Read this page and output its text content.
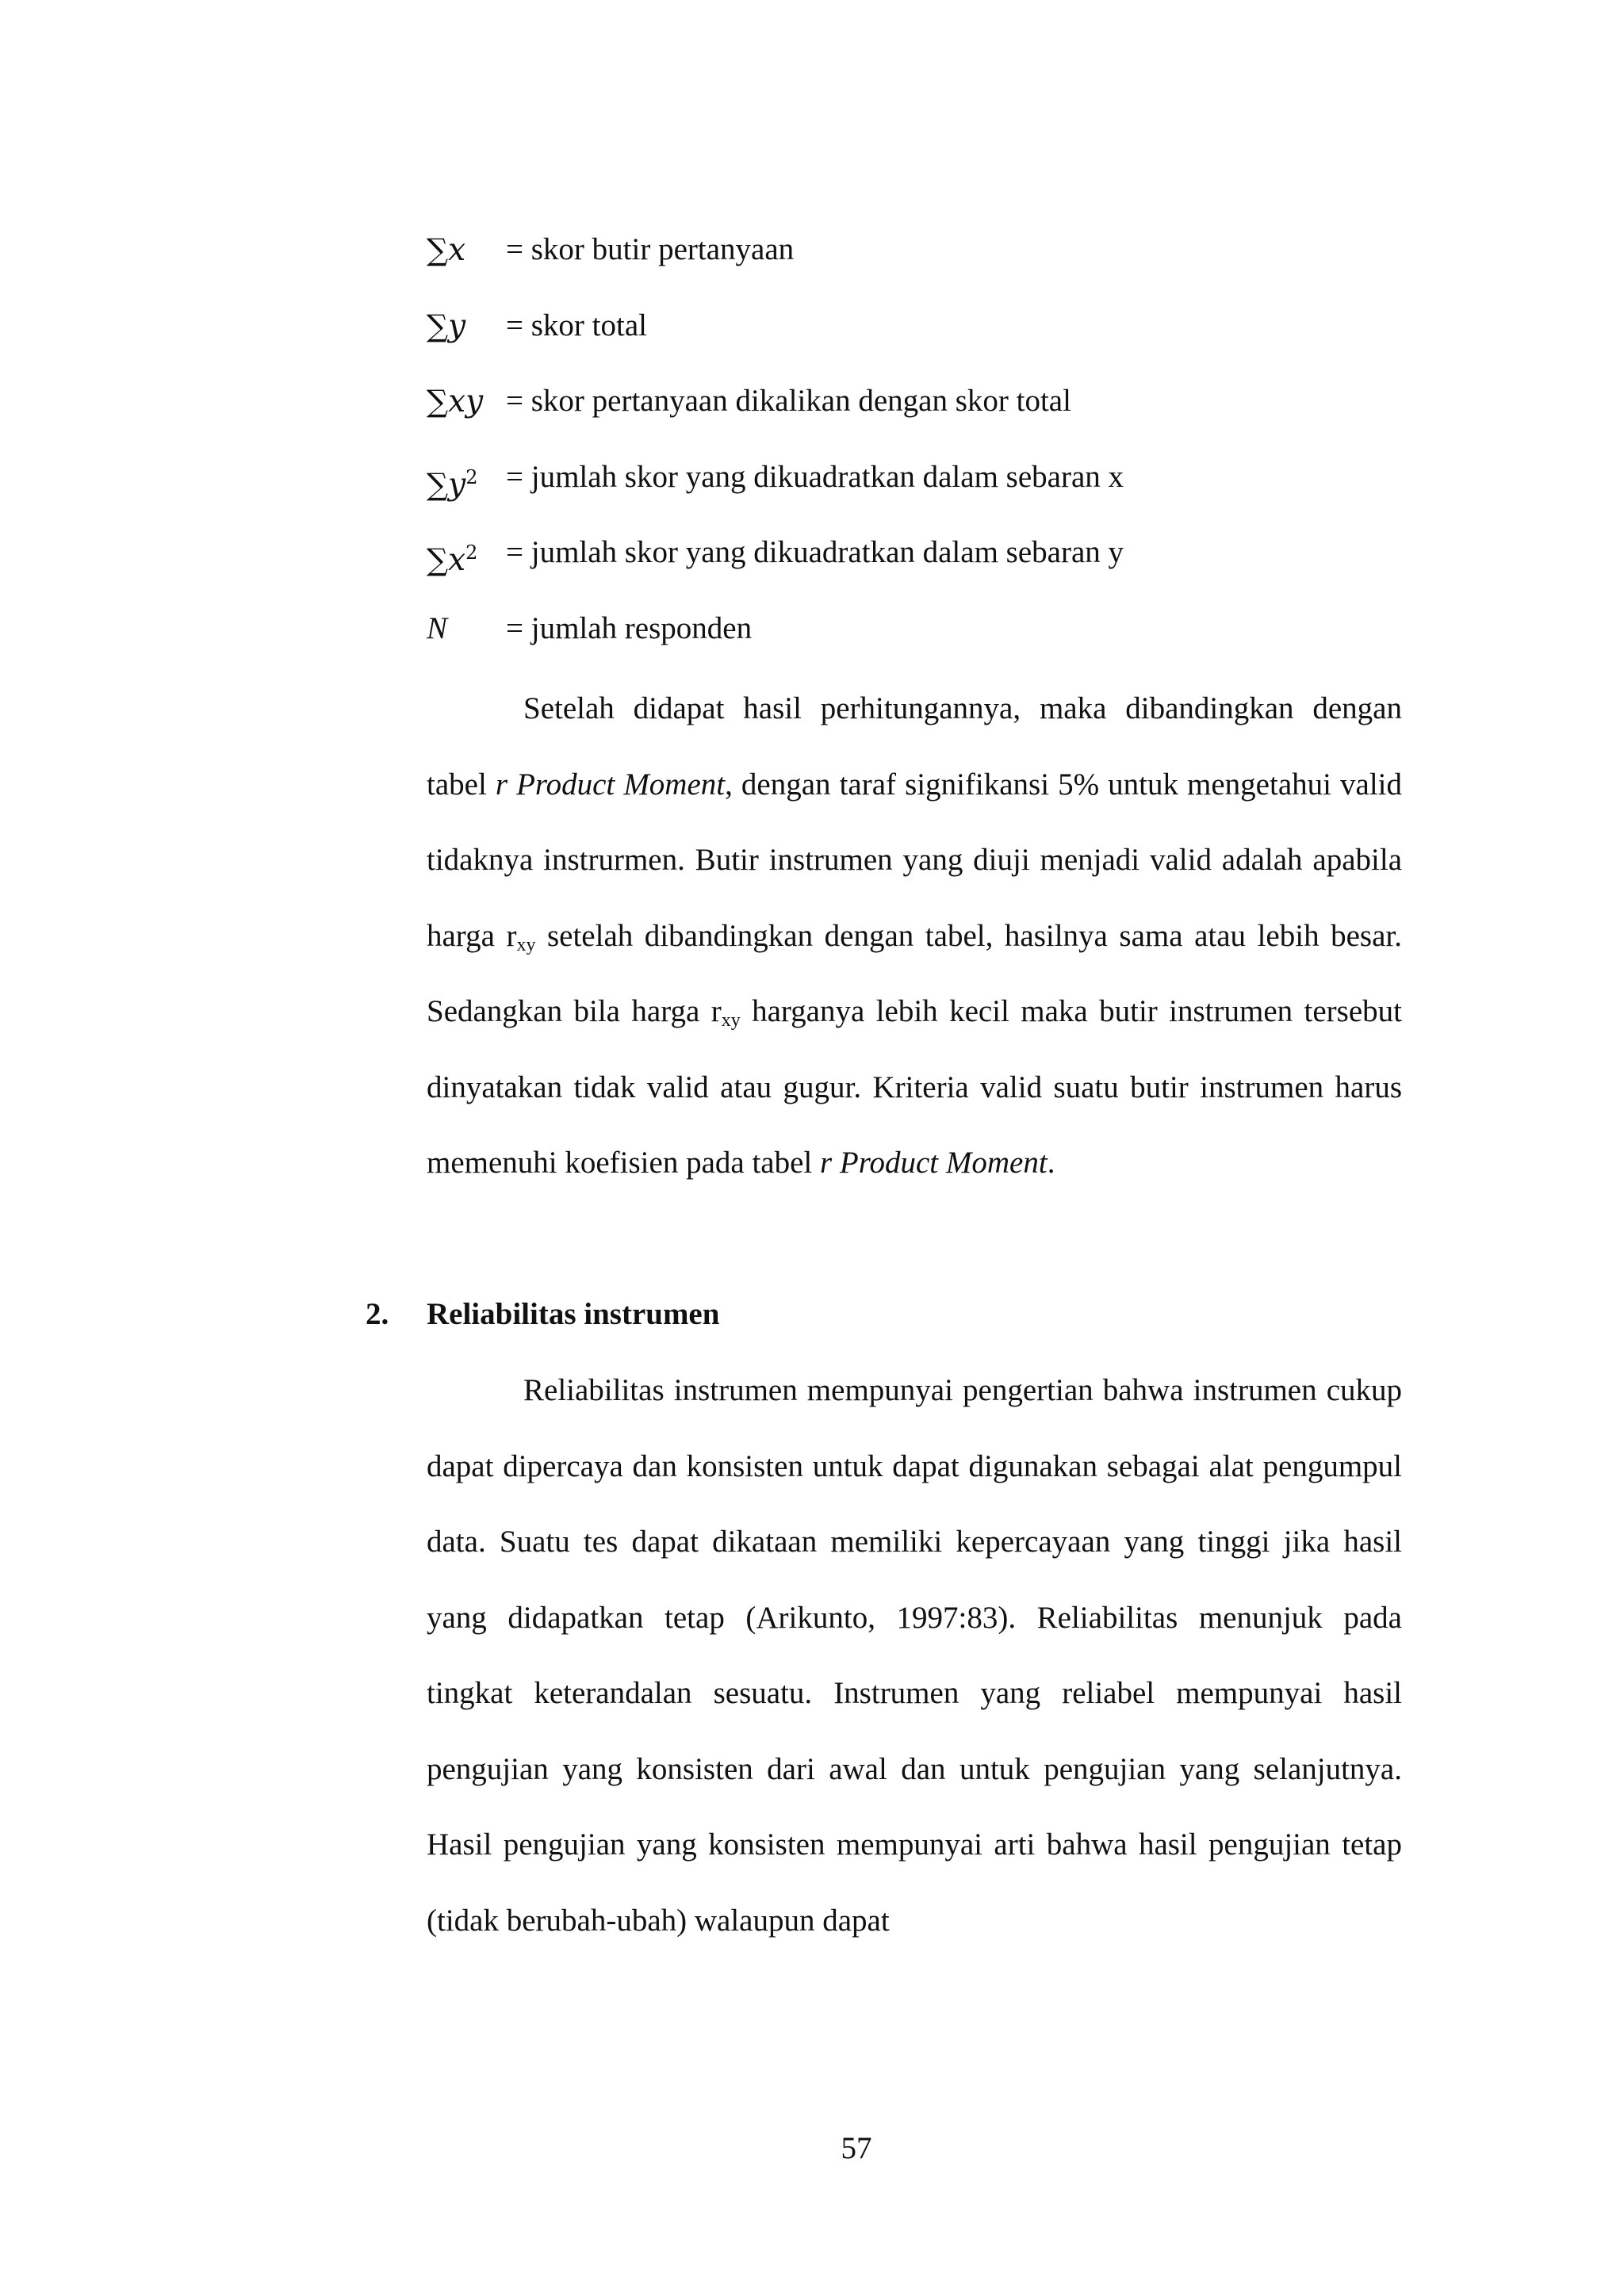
∑x = skor butir pertanyaan
∑y = skor total
∑xy = skor pertanyaan dikalikan dengan skor total
$\sum y^2$ = jumlah skor yang dikuadratkan dalam sebaran x
$\sum x^2$ = jumlah skor yang dikuadratkan dalam sebaran y
N = jumlah responden
Setelah didapat hasil perhitungannya, maka dibandingkan dengan tabel r Product Moment, dengan taraf signifikansi 5% untuk mengetahui valid tidaknya instrurmen. Butir instrumen yang diuji menjadi valid adalah apabila harga $r_{xy}$ setelah dibandingkan dengan tabel, hasilnya sama atau lebih besar. Sedangkan bila harga $r_{xy}$ harganya lebih kecil maka butir instrumen tersebut dinyatakan tidak valid atau gugur. Kriteria valid suatu butir instrumen harus memenuhi koefisien pada tabel r Product Moment.
2. Reliabilitas instrumen
Reliabilitas instrumen mempunyai pengertian bahwa instrumen cukup dapat dipercaya dan konsisten untuk dapat digunakan sebagai alat pengumpul data. Suatu tes dapat dikataan memiliki kepercayaan yang tinggi jika hasil yang didapatkan tetap (Arikunto, 1997:83). Reliabilitas menunjuk pada tingkat keterandalan sesuatu. Instrumen yang reliabel mempunyai hasil pengujian yang konsisten dari awal dan untuk pengujian yang selanjutnya. Hasil pengujian yang konsisten mempunyai arti bahwa hasil pengujian tetap (tidak berubah-ubah) walaupun dapat
57
